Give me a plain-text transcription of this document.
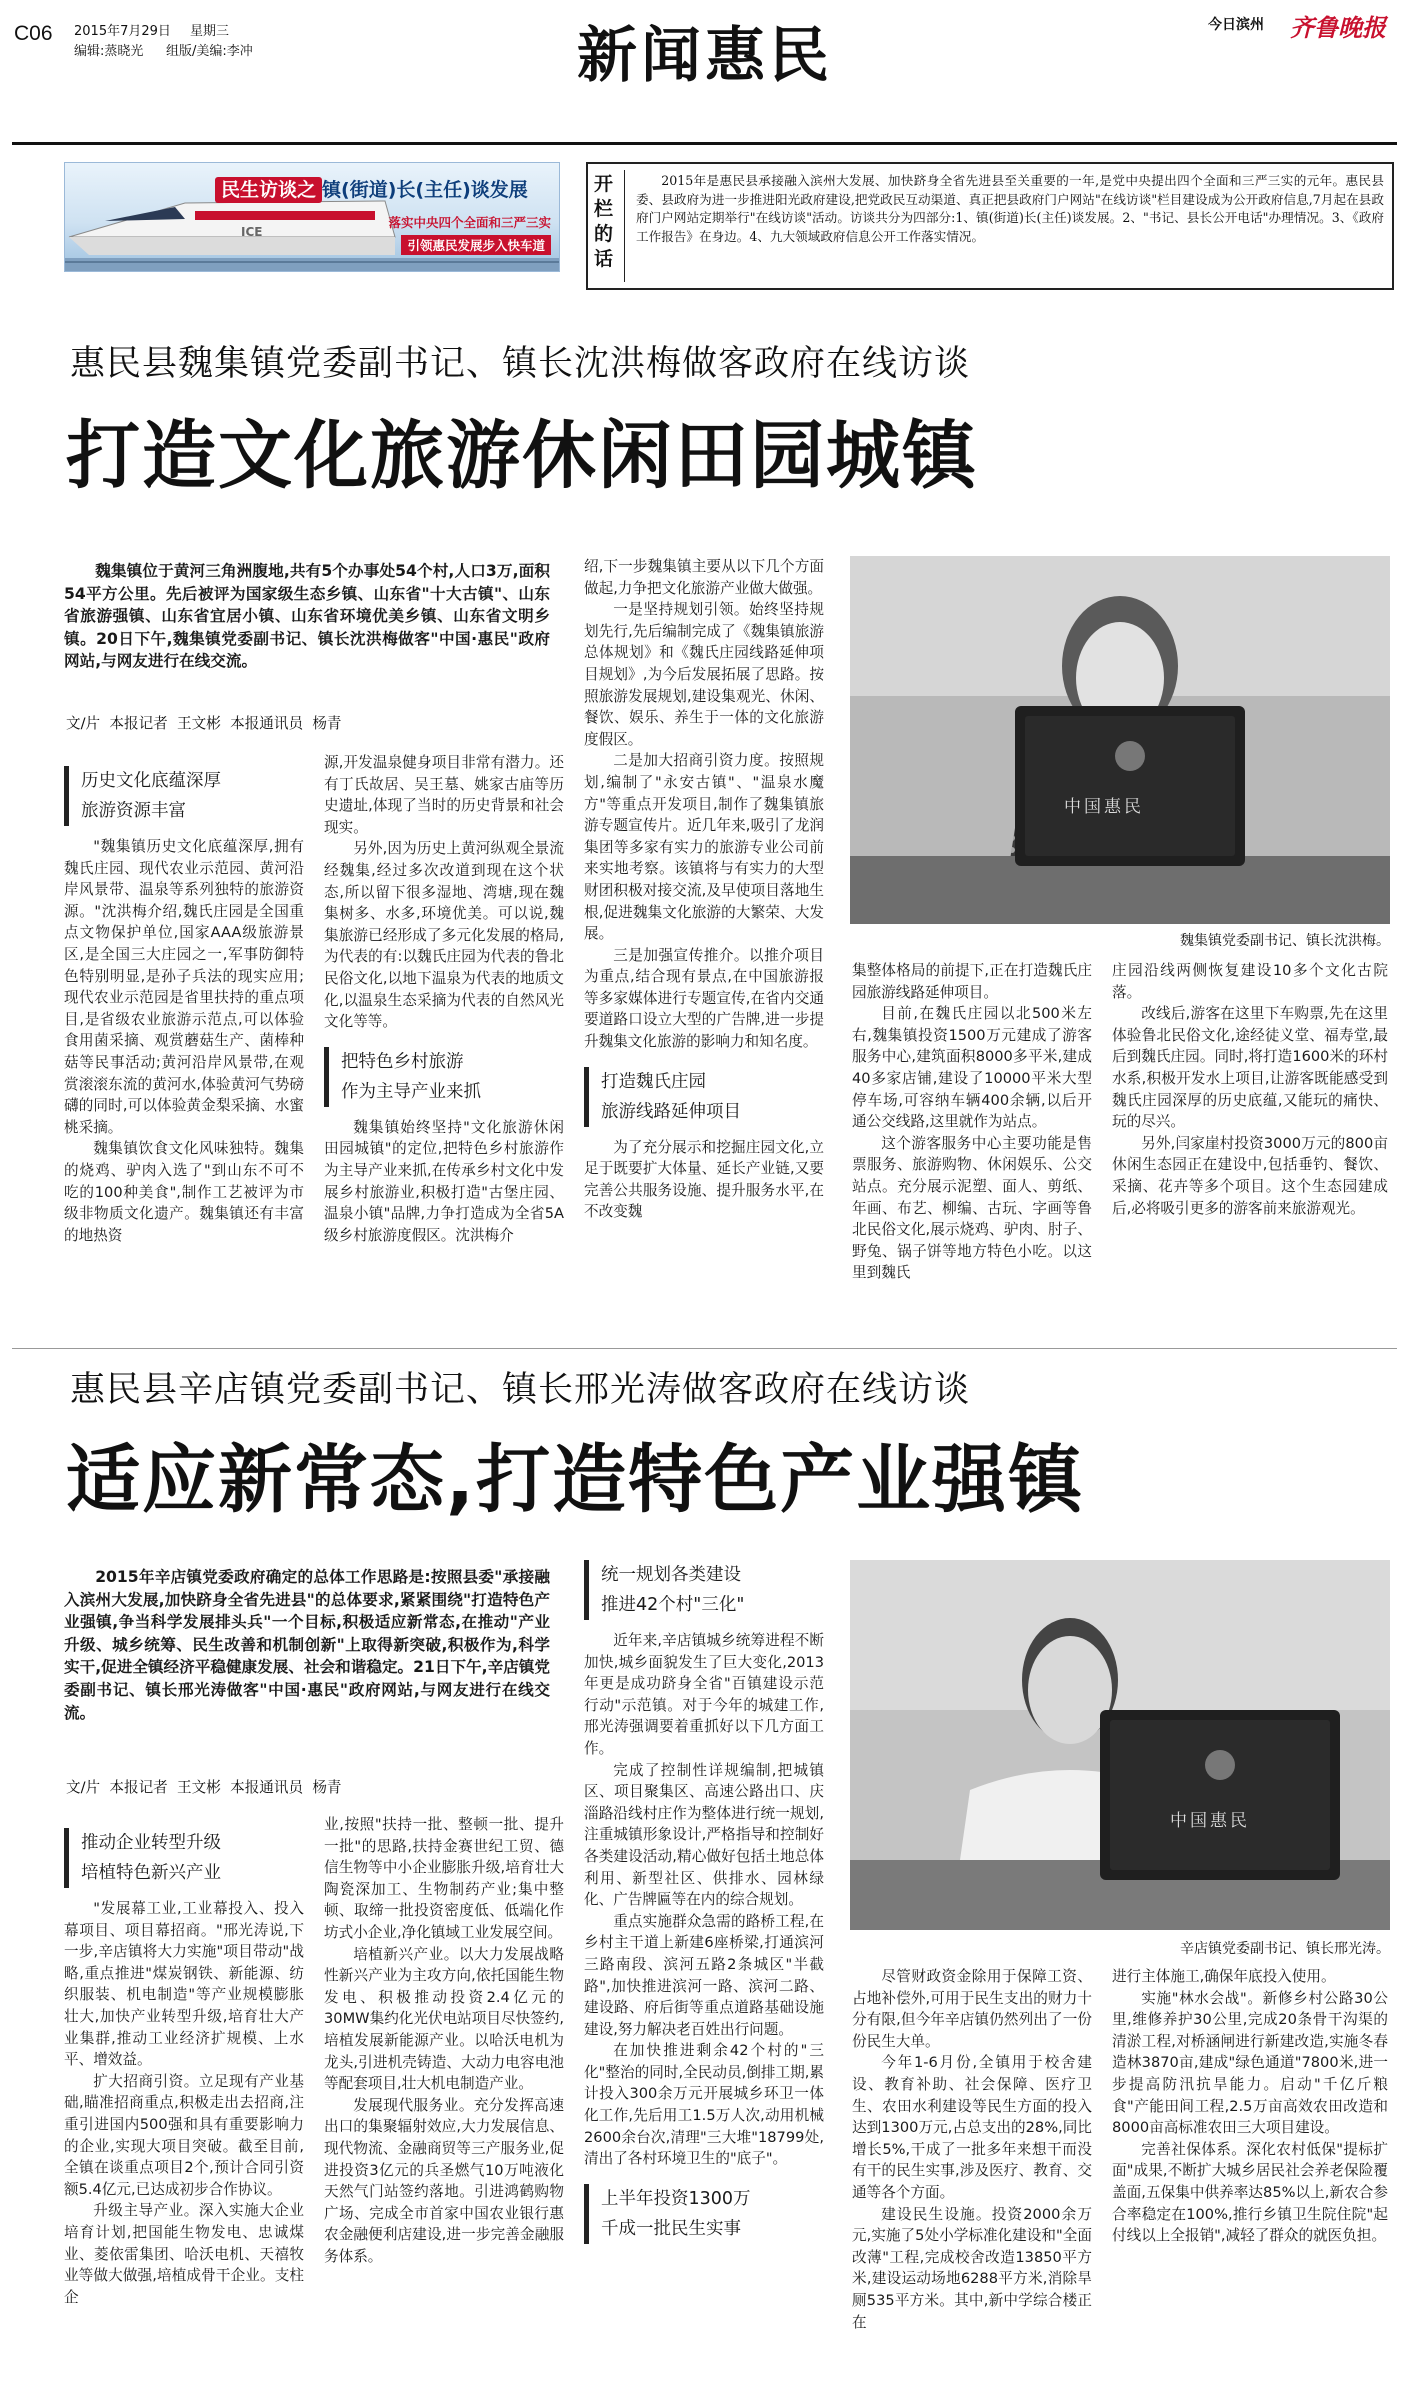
C06 2015年7月29日 星期三
编辑:蒸晓光 组版/美编:李冲	新闻惠民	今日滨州 齐鲁晚报
ICE
民生访谈之 镇(街道)长(主任)谈发展
落实中央四个全面和三严三实
引领惠民发展步入快车道
开栏的话
2015年是惠民县承接融入滨州大发展、加快跻身全省先进县至关重要的一年,是党中央提出四个全面和三严三实的元年。惠民县委、县政府为进一步推进阳光政府建设,把党政民互动渠道、真正把县政府门户网站"在线访谈"栏目建设成为公开政府信息,7月起在县政府门户网站定期举行"在线访谈"活动。访谈共分为四部分:1、镇(街道)长(主任)谈发展。2、"书记、县长公开电话"办理情况。3、《政府工作报告》在身边。4、九大领域政府信息公开工作落实情况。
惠民县魏集镇党委副书记、镇长沈洪梅做客政府在线访谈
打造文化旅游休闲田园城镇

魏集镇位于黄河三角洲腹地,共有5个办事处54个村,人口3万,面积54平方公里。先后被评为国家级生态乡镇、山东省"十大古镇"、山东省旅游强镇、山东省宜居小镇、山东省环境优美乡镇、山东省文明乡镇。20日下午,魏集镇党委副书记、镇长沈洪梅做客"中国·惠民"政府网站,与网友进行在线交流。

文/片  本报记者  王文彬  本报通讯员  杨青
历史文化底蕴深厚
旅游资源丰富

"魏集镇历史文化底蕴深厚,拥有魏氏庄园、现代农业示范园、黄河沿岸风景带、温泉等系列独特的旅游资源。"沈洪梅介绍,魏氏庄园是全国重点文物保护单位,国家AAA级旅游景区,是全国三大庄园之一,军事防御特色特别明显,是孙子兵法的现实应用;现代农业示范园是省里扶持的重点项目,是省级农业旅游示范点,可以体验食用菌采摘、观赏蘑菇生产、菌棒种菇等民事活动;黄河沿岸风景带,在观赏滚滚东流的黄河水,体验黄河气势磅礴的同时,可以体验黄金梨采摘、水蜜桃采摘。

魏集镇饮食文化风味独特。魏集的烧鸡、驴肉入选了"到山东不可不吃的100种美食",制作工艺被评为市级非物质文化遗产。魏集镇还有丰富的地热资

源,开发温泉健身项目非常有潜力。还有丁氏故居、吴王墓、姚家古庙等历史遗址,体现了当时的历史背景和社会现实。

另外,因为历史上黄河纵观全景流经魏集,经过多次改道到现在这个状态,所以留下很多湿地、湾塘,现在魏集树多、水多,环境优美。可以说,魏集旅游已经形成了多元化发展的格局,为代表的有:以魏氏庄园为代表的鲁北民俗文化,以地下温泉为代表的地质文化,以温泉生态采摘为代表的自然风光文化等等。

把特色乡村旅游
作为主导产业来抓

魏集镇始终坚持"文化旅游休闲田园城镇"的定位,把特色乡村旅游作为主导产业来抓,在传承乡村文化中发展乡村旅游业,积极打造"古堡庄园、温泉小镇"品牌,力争打造成为全省5A级乡村旅游度假区。沈洪梅介

绍,下一步魏集镇主要从以下几个方面做起,力争把文化旅游产业做大做强。

一是坚持规划引领。始终坚持规划先行,先后编制完成了《魏集镇旅游总体规划》和《魏氏庄园线路延伸项目规划》,为今后发展拓展了思路。按照旅游发展规划,建设集观光、休闲、餐饮、娱乐、养生于一体的文化旅游度假区。

二是加大招商引资力度。按照规划,编制了"永安古镇"、"温泉水魔方"等重点开发项目,制作了魏集镇旅游专题宣传片。近几年来,吸引了龙润集团等多家有实力的旅游专业公司前来实地考察。该镇将与有实力的大型财团积极对接交流,及早使项目落地生根,促进魏集文化旅游的大繁荣、大发展。

三是加强宣传推介。以推介项目为重点,结合现有景点,在中国旅游报等多家媒体进行专题宣传,在省内交通要道路口设立大型的广告牌,进一步提升魏集文化旅游的影响力和知名度。

打造魏氏庄园
旅游线路延伸项目

为了充分展示和挖掘庄园文化,立足于既要扩大体量、延长产业链,又要完善公共服务设施、提升服务水平,在不改变魏

中国惠民
魏集镇党委副书记、镇长沈洪梅。

集整体格局的前提下,正在打造魏氏庄园旅游线路延伸项目。

目前,在魏氏庄园以北500米左右,魏集镇投资1500万元建成了游客服务中心,建筑面积8000多平米,建成40多家店铺,建设了10000平米大型停车场,可容纳车辆400余辆,以后开通公交线路,这里就作为站点。

这个游客服务中心主要功能是售票服务、旅游购物、休闲娱乐、公交站点。充分展示泥塑、面人、剪纸、年画、布艺、柳编、古玩、字画等鲁北民俗文化,展示烧鸡、驴肉、肘子、野兔、锅子饼等地方特色小吃。以这里到魏氏

庄园沿线两侧恢复建设10多个文化古院落。

改线后,游客在这里下车购票,先在这里体验鲁北民俗文化,途经徒义堂、福寿堂,最后到魏氏庄园。同时,将打造1600米的环村水系,积极开发水上项目,让游客既能感受到魏氏庄园深厚的历史底蕴,又能玩的痛快、玩的尽兴。

另外,闫家崖村投资3000万元的800亩休闲生态园正在建设中,包括垂钓、餐饮、采摘、花卉等多个项目。这个生态园建成后,必将吸引更多的游客前来旅游观光。

惠民县辛店镇党委副书记、镇长邢光涛做客政府在线访谈
适应新常态,打造特色产业强镇

2015年辛店镇党委政府确定的总体工作思路是:按照县委"承接融入滨州大发展,加快跻身全省先进县"的总体要求,紧紧围绕"打造特色产业强镇,争当科学发展排头兵"一个目标,积极适应新常态,在推动"产业升级、城乡统筹、民生改善和机制创新"上取得新突破,积极作为,科学实干,促进全镇经济平稳健康发展、社会和谐稳定。21日下午,辛店镇党委副书记、镇长邢光涛做客"中国·惠民"政府网站,与网友进行在线交流。

文/片  本报记者  王文彬  本报通讯员  杨青
推动企业转型升级
培植特色新兴产业

"发展幕工业,工业幕投入、投入幕项目、项目幕招商。"邢光涛说,下一步,辛店镇将大力实施"项目带动"战略,重点推进"煤炭钢铁、新能源、纺织服装、机电制造"等产业规模膨胀壮大,加快产业转型升级,培育壮大产业集群,推动工业经济扩规模、上水平、增效益。

扩大招商引资。立足现有产业基础,瞄准招商重点,积极走出去招商,注重引进国内500强和具有重要影响力的企业,实现大项目突破。截至目前,全镇在谈重点项目2个,预计合同引资额5.4亿元,已达成初步合作协议。

升级主导产业。深入实施大企业培育计划,把国能生物发电、忠诚煤业、菱依雷集团、哈沃电机、天禧牧业等做大做强,培植成骨干企业。支柱企

业,按照"扶持一批、整顿一批、提升一批"的思路,扶持金赛世纪工贸、德信生物等中小企业膨胀升级,培育壮大陶瓷深加工、生物制药产业;集中整顿、取缔一批投资密度低、低端化作坊式小企业,净化镇域工业发展空间。

培植新兴产业。以大力发展战略性新兴产业为主攻方向,依托国能生物发电、积极推动投资2.4亿元的30MW集约化光伏电站项目尽快签约,培植发展新能源产业。以哈沃电机为龙头,引进机壳铸造、大动力电容电池等配套项目,壮大机电制造产业。

发展现代服务业。充分发挥高速出口的集聚辐射效应,大力发展信息、现代物流、金融商贸等三产服务业,促进投资3亿元的兵圣燃气10万吨液化天然气门站签约落地。引进鸿鹤购物广场、完成全市首家中国农业银行惠农金融便利店建设,进一步完善金融服务体系。

统一规划各类建设
推进42个村"三化"

近年来,辛店镇城乡统筹进程不断加快,城乡面貌发生了巨大变化,2013年更是成功跻身全省"百镇建设示范行动"示范镇。对于今年的城建工作,邢光涛强调要着重抓好以下几方面工作。

完成了控制性详规编制,把城镇区、项目聚集区、高速公路出口、庆淄路沿线村庄作为整体进行统一规划,注重城镇形象设计,严格指导和控制好各类建设活动,精心做好包括土地总体利用、新型社区、供排水、园林绿化、广告牌匾等在内的综合规划。

重点实施群众急需的路桥工程,在乡村主干道上新建6座桥梁,打通滨河三路南段、滨河五路2条城区"半截路",加快推进滨河一路、滨河二路、建设路、府后街等重点道路基础设施建设,努力解决老百姓出行问题。

在加快推进剩余42个村的"三化"整治的同时,全民动员,倒排工期,累计投入300余万元开展城乡环卫一体化工作,先后用工1.5万人次,动用机械2600余台次,清理"三大堆"18799处,清出了各村环境卫生的"底子"。

上半年投资1300万
千成一批民生实事
中国惠民
辛店镇党委副书记、镇长邢光涛。

尽管财政资金除用于保障工资、占地补偿外,可用于民生支出的财力十分有限,但今年辛店镇仍然列出了一份份民生大单。

今年1-6月份,全镇用于校舍建设、教育补助、社会保障、医疗卫生、农田水利建设等民生方面的投入达到1300万元,占总支出的28%,同比增长5%,干成了一批多年来想干而没有干的民生实事,涉及医疗、教育、交通等各个方面。

建设民生设施。投资2000余万元,实施了5处小学标准化建设和"全面改薄"工程,完成校舍改造13850平方米,建设运动场地6288平方米,消除旱厕535平方米。其中,新中学综合楼正在

进行主体施工,确保年底投入使用。

实施"林水会战"。新修乡村公路30公里,维修养护30公里,完成20条骨干沟渠的清淤工程,对桥涵闸进行新建改造,实施冬春造林3870亩,建成"绿色通道"7800米,进一步提高防汛抗旱能力。启动"千亿斤粮食"产能田间工程,2.5万亩高效农田改造和8000亩高标准农田三大项目建设。

完善社保体系。深化农村低保"提标扩面"成果,不断扩大城乡居民社会养老保险覆盖面,五保集中供养率达85%以上,新农合参合率稳定在100%,推行乡镇卫生院住院"起付线以上全报销",减轻了群众的就医负担。
